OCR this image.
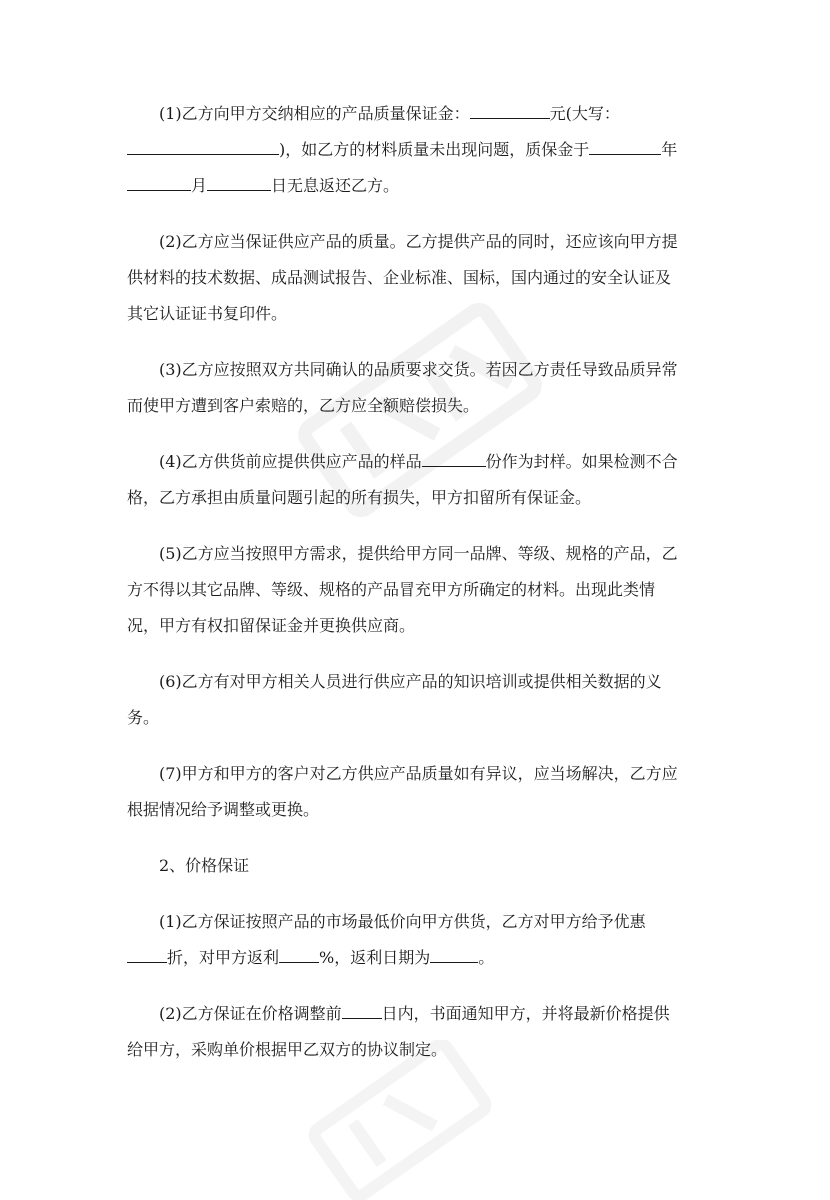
(1)乙方向甲方交纳相应的产品质量保证金：	元(大写：
)，如乙方的材料质量未出现问题，质保金于	年
月	日无息返还乙方。
(2)乙方应当保证供应产品的质量。乙方提供产品的同时，还应该向甲方提
供材料的技术数据、成品测试报告、企业标准、国标，国内通过的安全认证及
其它认证证书复印件。
(3)乙方应按照双方共同确认的品质要求交货。若因乙方责任导致品质异常
而使甲方遭到客户索赔的，乙方应全额赔偿损失。
(4)乙方供货前应提供供应产品的样品	份作为封样。如果检测不合
格，乙方承担由质量问题引起的所有损失，甲方扣留所有保证金。
(5)乙方应当按照甲方需求，提供给甲方同一品牌、等级、规格的产品，乙
方不得以其它品牌、等级、规格的产品冒充甲方所确定的材料。出现此类情
况，甲方有权扣留保证金并更换供应商。
(6)乙方有对甲方相关人员进行供应产品的知识培训或提供相关数据的义
务。
(7)甲方和甲方的客户对乙方供应产品质量如有异议，应当场解决，乙方应
根据情况给予调整或更换。
2、价格保证
(1)乙方保证按照产品的市场最低价向甲方供货，乙方对甲方给予优惠
折，对甲方返利	%，返利日期为	。
(2)乙方保证在价格调整前	日内，书面通知甲方，并将最新价格提供
给甲方，采购单价根据甲乙双方的协议制定。
